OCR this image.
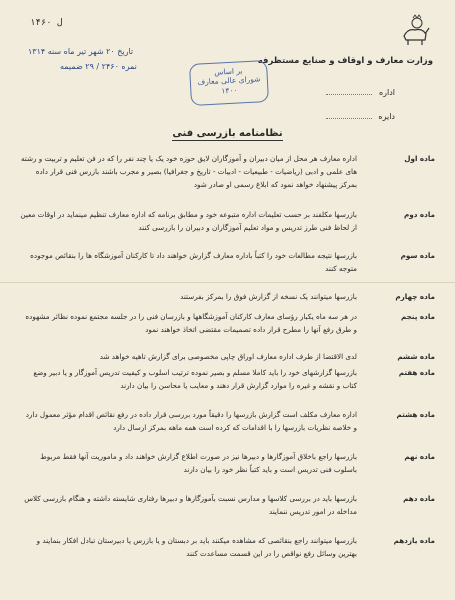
۱۴۶۰ ل
وزارت معارف و اوقاف و صنایع مستظرفه
اداره
دایره
تاریخ ۲۰ شهر تیر ماه سنه ۱۳۱۴
نمره ۲۴۶۰ / ۲۹ ضمیمه	بر اساس
شورای عالی معارف
۱۴۰۰
نظامنامه بازرسی فنی
ماده اول
اداره معارف هر محل از میان دبیران و آموزگاران لایق حوزه خود یک یا چند نفر را که در فن تعلیم و تربیت و رشته های علمی و ادبی (ریاضیات - طبیعیات - ادبیات - تاریخ و جغرافیا) بصیر و مجرب باشند بازرس فنی قرار داده بمرکز پیشنهاد خواهد نمود که ابلاغ رسمی او صادر شود
ماده دوم
بازرسها مکلفند بر حسب تعلیمات اداره متبوعه خود و مطابق برنامه که اداره معارف تنظیم مینماید در اوقات معین از لحاظ فنی طرز تدریس و مواد تعلیم آموزگاران و دبیران را بازرسی کنند
ماده سوم
بازرسها نتیجه مطالعات خود را کتباً باداره معارف گزارش خواهند داد تا کارکنان آموزشگاه ها را بنقائص موجوده متوجه کنند
ماده چهارم
بازرسها میتوانند یک نسخه از گزارش فوق را بمرکز بفرستند
ماده پنجم
در هر سه ماه یکبار رؤسای معارف کارکنان آموزشگاهها و بازرسان فنی را در جلسه مجتمع نموده نظائر مشهوده و طرق رفع آنها را مطرح قرار داده تصمیمات مقتضی اتخاذ خواهند نمود
ماده ششم
لدی الاقتضا از طرف اداره معارف اوراق چاپی مخصوصی برای گزارش تاهیه خواهد شد
ماده هفتم
بازرسها گزارشهای خود را باید کاملا مسلم و بصیر نموده ترتیب اسلوب و کیفیت تدریس آموزگار و یا دبیر وضع کتاب و نقشه و غیره را موارد گزارش قرار دهند و معایب یا محاسن را بیان دارند
ماده هشتم
اداره معارف مکلف است گزارش بازرسها را دقیقاً مورد بررسی قرار داده در رفع نقائص اقدام مؤثر معمول دارد و خلاصه نظریات بازرسها را با اقدامات که کرده است همه ماهه بمرکز ارسال دارد
ماده نهم
بازرسها راجع باخلاق آموزگارها و دبیرها نیز در صورت اطلاع گزارش خواهند داد و ماموریت آنها فقط مربوط باسلوب فنی تدریس است و باید کتباً نظر خود را بیان دارند
ماده دهم
بازرسها باید در بررسی کلاسها و مدارس نسبت بآموزگارها و دبیرها رفتاری شایسته داشته و هنگام بازرسی کلاس مداخله در امور تدریس ننمایند
ماده یازدهم
بازرسها میتوانند راجع بنقائصی که مشاهده میکنند باید بر دبستان و یا بازرس یا دبیرستان تبادل افکار بنمایند و بهترین وسائل رفع نواقص را در این قسمت مساعدت کنند
